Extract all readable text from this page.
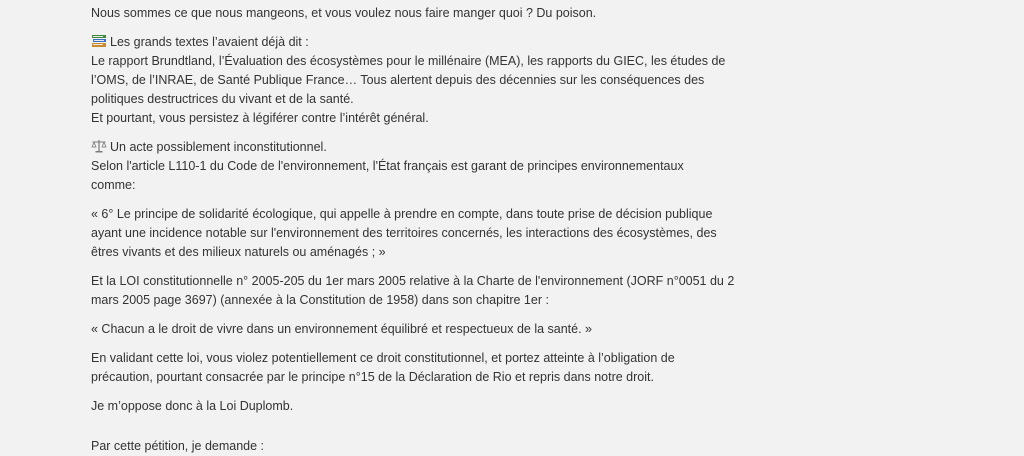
Nous sommes ce que nous mangeons, et vous voulez nous faire manger quoi ? Du poison.
Les grands textes l’avaient déjà dit :
Le rapport Brundtland, l’Évaluation des écosystèmes pour le millénaire (MEA), les rapports du GIEC, les études de
l’OMS, de l’INRAE, de Santé Publique France… Tous alertent depuis des décennies sur les conséquences des
politiques destructrices du vivant et de la santé.
Et pourtant, vous persistez à légiférer contre l’intérêt général.
Un acte possiblement inconstitutionnel.
Selon l'article L110-1 du Code de l'environnement, l'État français est garant de principes environnementaux
comme:
« 6° Le principe de solidarité écologique, qui appelle à prendre en compte, dans toute prise de décision publique
ayant une incidence notable sur l'environnement des territoires concernés, les interactions des écosystèmes, des
êtres vivants et des milieux naturels ou aménagés ; »
Et la LOI constitutionnelle n° 2005-205 du 1er mars 2005 relative à la Charte de l'environnement (JORF n°0051 du 2
mars 2005 page 3697) (annexée à la Constitution de 1958) dans son chapitre 1er :
« Chacun a le droit de vivre dans un environnement équilibré et respectueux de la santé. »
En validant cette loi, vous violez potentiellement ce droit constitutionnel, et portez atteinte à l’obligation de
précaution, pourtant consacrée par le principe n°15 de la Déclaration de Rio et repris dans notre droit.
Je m’oppose donc à la Loi Duplomb.
Par cette pétition, je demande :
